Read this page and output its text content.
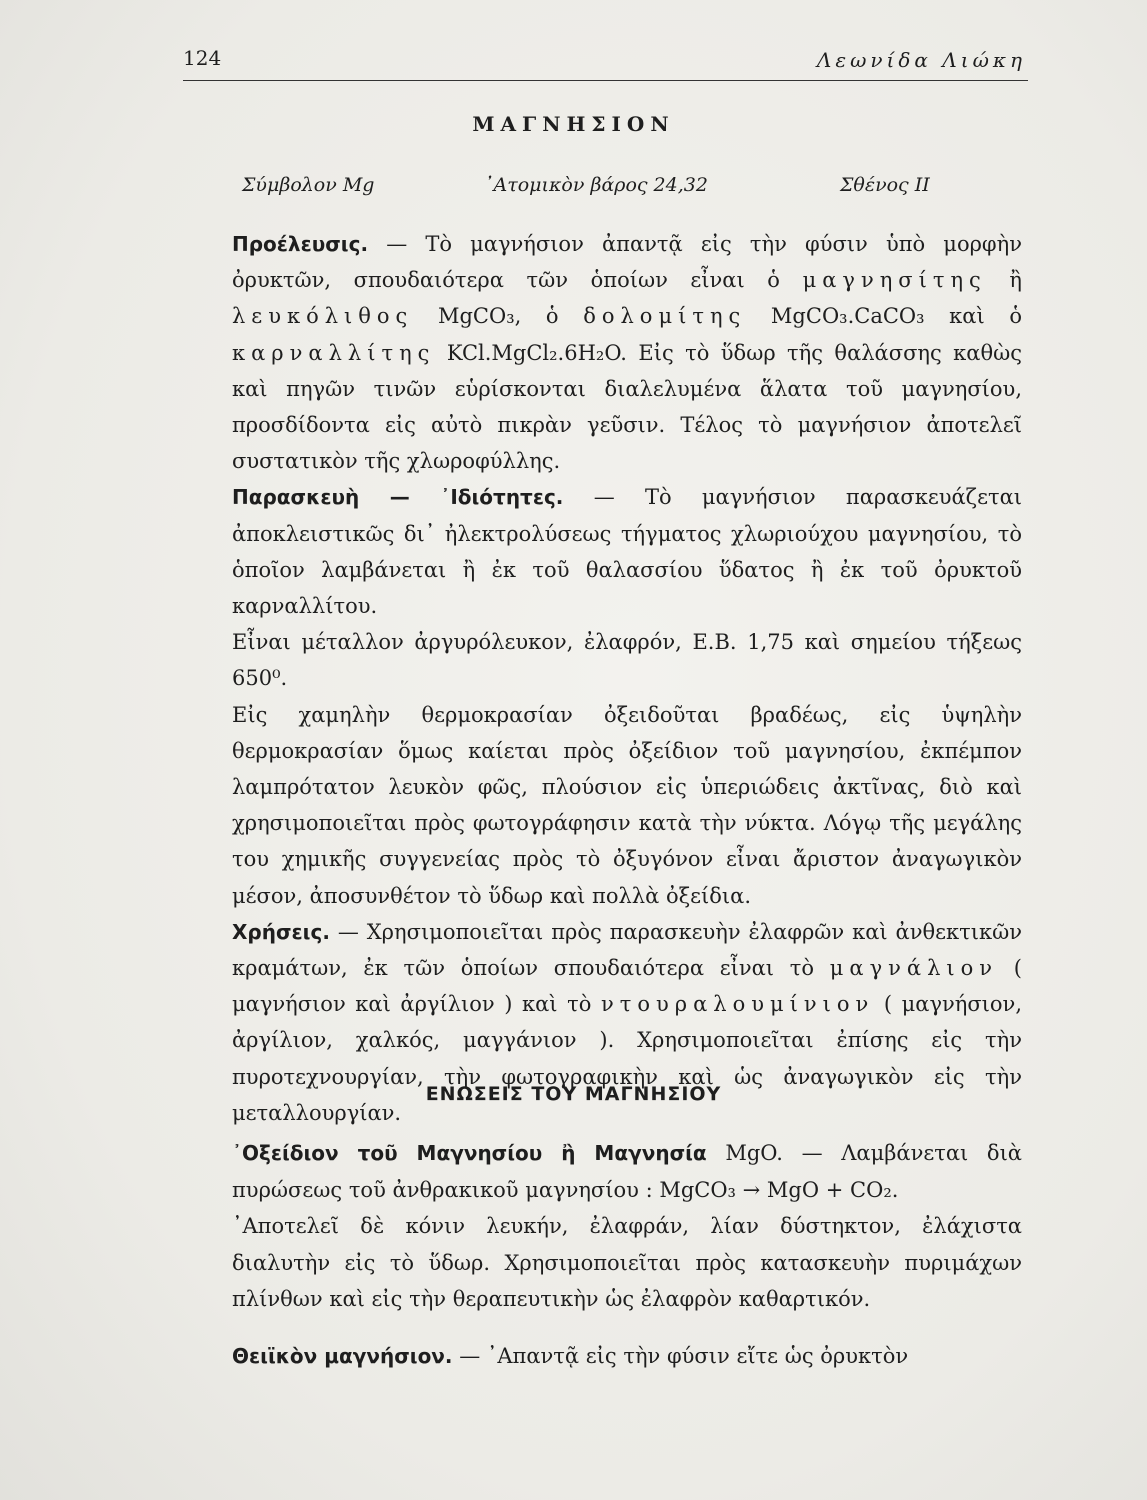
124	Λεωνίδα Λιώκη
ΜΑΓΝΗΣΙΟΝ
Σύμβολον Mg	᾿Ατομικὸν βάρος 24,32	Σθένος II

Προέλευσις. — Τὸ μαγνήσιον ἀπαντᾷ εἰς τὴν φύσιν ὑπὸ μορφὴν ὀρυκτῶν, σπουδαιότερα τῶν ὁποίων εἶναι ὁ μαγνησίτης ἢ λευκόλιθος MgCO₃, ὁ δολομίτης MgCO₃.CaCO₃ καὶ ὁ καρναλλίτης KCl.MgCl₂.6H₂O. Εἰς τὸ ὕδωρ τῆς θαλάσσης καθὼς καὶ πηγῶν τινῶν εὑρίσκονται διαλελυμένα ἅλατα τοῦ μαγνησίου, προσδίδοντα εἰς αὐτὸ πικρὰν γεῦσιν. Τέλος τὸ μαγνήσιον ἀποτελεῖ συστατικὸν τῆς χλωροφύλλης.

Παρασκευὴ — ᾿Ιδιότητες. — Τὸ μαγνήσιον παρασκευάζεται ἀποκλειστικῶς δι᾿ ἠλεκτρολύσεως τήγματος χλωριούχου μαγνησίου, τὸ ὁποῖον λαμβάνεται ἢ ἐκ τοῦ θαλασσίου ὕδατος ἢ ἐκ τοῦ ὀρυκτοῦ καρναλλίτου.

Εἶναι μέταλλον ἀργυρόλευκον, ἐλαφρόν, Ε.Β. 1,75 καὶ σημείου τήξεως 650⁰.

Εἰς χαμηλὴν θερμοκρασίαν ὀξειδοῦται βραδέως, εἰς ὑψηλὴν θερμοκρασίαν ὅμως καίεται πρὸς ὀξείδιον τοῦ μαγνησίου, ἐκπέμπον λαμπρότατον λευκὸν φῶς, πλούσιον εἰς ὑπεριώδεις ἀκτῖνας, διὸ καὶ χρησιμοποιεῖται πρὸς φωτογράφησιν κατὰ τὴν νύκτα. Λόγῳ τῆς μεγάλης του χημικῆς συγγενείας πρὸς τὸ ὀξυγόνον εἶναι ἄριστον ἀναγωγικὸν μέσον, ἀποσυνθέτον τὸ ὕδωρ καὶ πολλὰ ὀξείδια.

Χρήσεις. — Χρησιμοποιεῖται πρὸς παρασκευὴν ἐλαφρῶν καὶ ἀνθεκτικῶν κραμάτων, ἐκ τῶν ὁποίων σπουδαιότερα εἶναι τὸ μαγνάλιον ( μαγνήσιον καὶ ἀργίλιον ) καὶ τὸ ντουραλουμίνιον ( μαγνήσιον, ἀργίλιον, χαλκός, μαγγάνιον ). Χρησιμοποιεῖται ἐπίσης εἰς τὴν πυροτεχνουργίαν, τὴν φωτογραφικὴν καὶ ὡς ἀναγωγικὸν εἰς τὴν μεταλλουργίαν.

ΕΝΩΣΕΙΣ ΤΟΥ ΜΑΓΝΗΣΙΟΥ

᾿Οξείδιον τοῦ Μαγνησίου ἢ Μαγνησία MgO. — Λαμβάνεται διὰ πυρώσεως τοῦ ἀνθρακικοῦ μαγνησίου : MgCO₃ → MgO + CO₂.

᾿Αποτελεῖ δὲ κόνιν λευκήν, ἐλαφράν, λίαν δύστηκτον, ἐλάχιστα διαλυτὴν εἰς τὸ ὕδωρ. Χρησιμοποιεῖται πρὸς κατασκευὴν πυριμάχων πλίνθων καὶ εἰς τὴν θεραπευτικὴν ὡς ἐλαφρὸν καθαρτικόν.

Θειϊκὸν μαγνήσιον. — ᾿Απαντᾷ εἰς τὴν φύσιν εἴτε ὡς ὀρυκτὸν
